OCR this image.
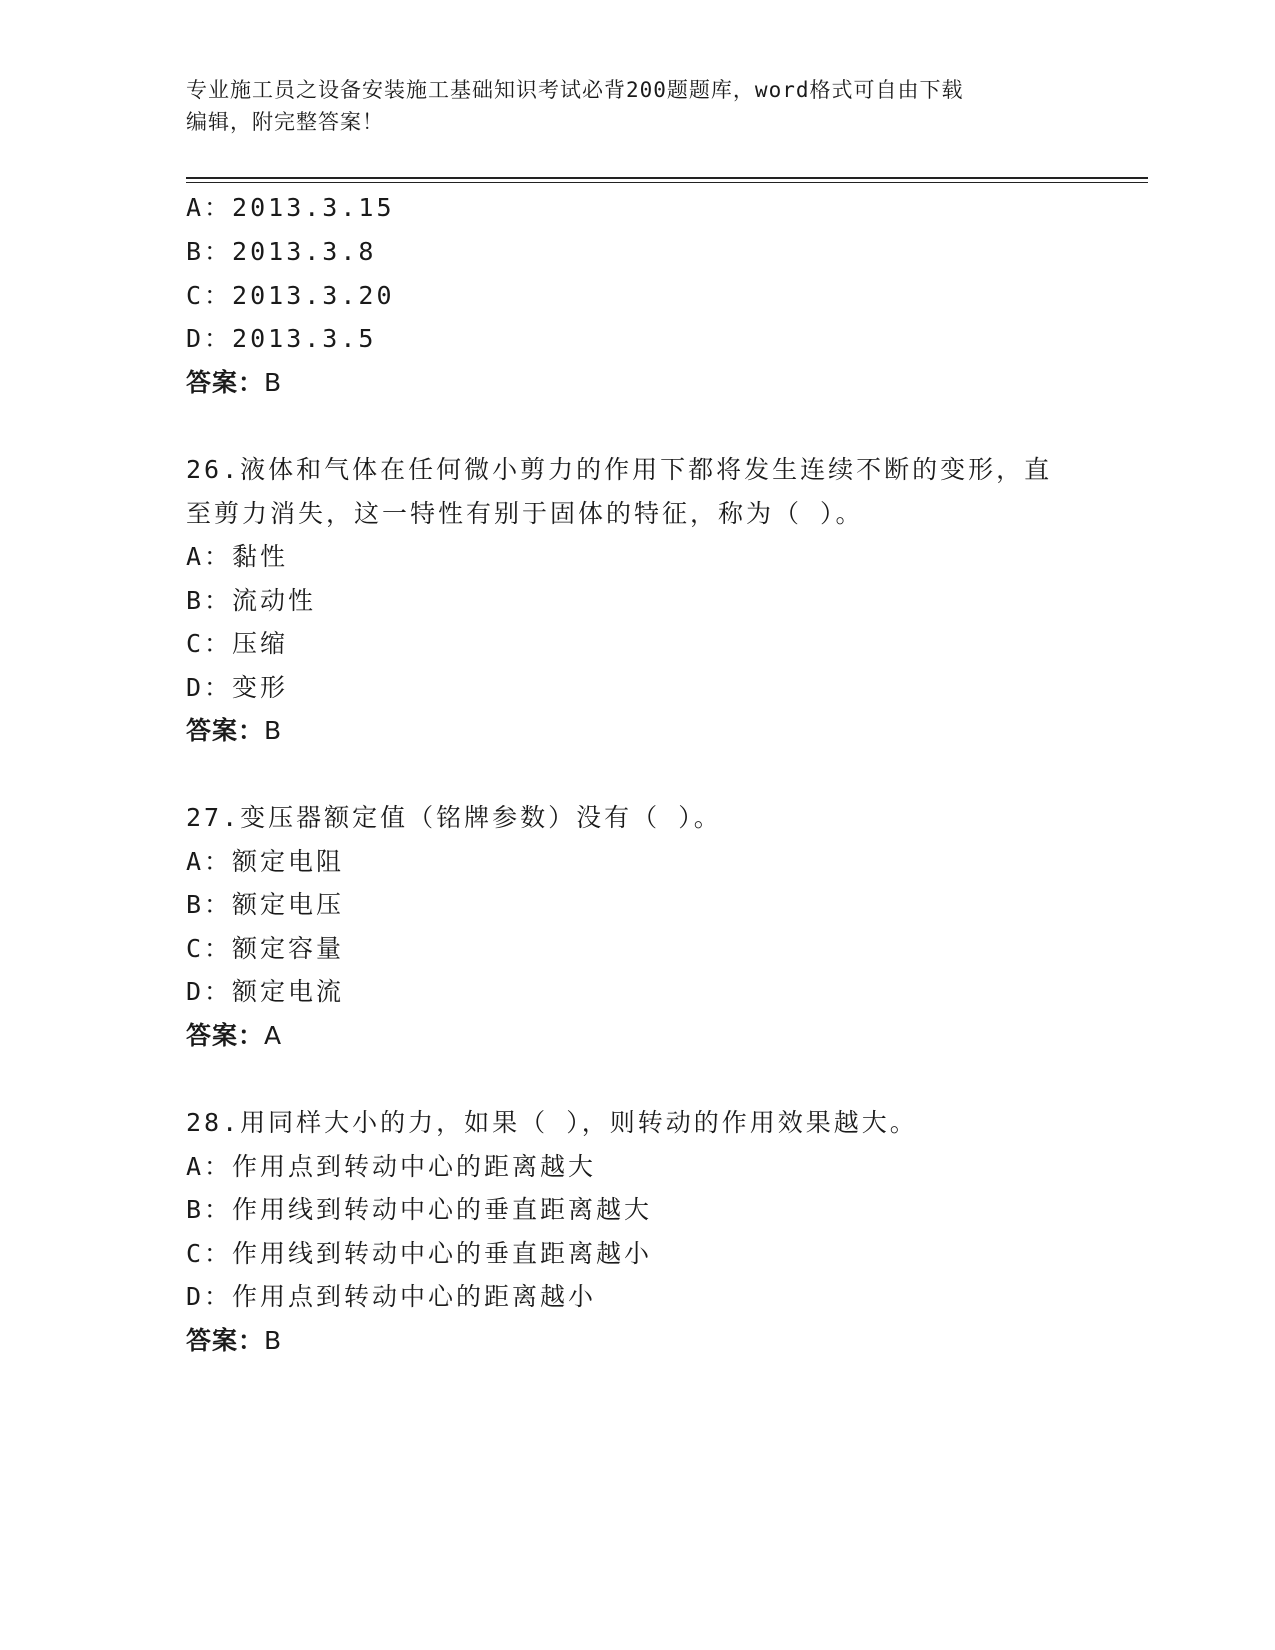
专业施工员之设备安装施工基础知识考试必背200题题库，word格式可自由下载
编辑，附完整答案！
A：2013.3.15
B：2013.3.8
C：2013.3.20
D：2013.3.5
答案：B
26.液体和气体在任何微小剪力的作用下都将发生连续不断的变形，直
至剪力消失，这一特性有别于固体的特征，称为（ ）。
A：黏性
B：流动性
C：压缩
D：变形
答案：B
27.变压器额定值（铭牌参数）没有（ ）。
A：额定电阻
B：额定电压
C：额定容量
D：额定电流
答案：A
28.用同样大小的力，如果（ ），则转动的作用效果越大。
A：作用点到转动中心的距离越大
B：作用线到转动中心的垂直距离越大
C：作用线到转动中心的垂直距离越小
D：作用点到转动中心的距离越小
答案：B
